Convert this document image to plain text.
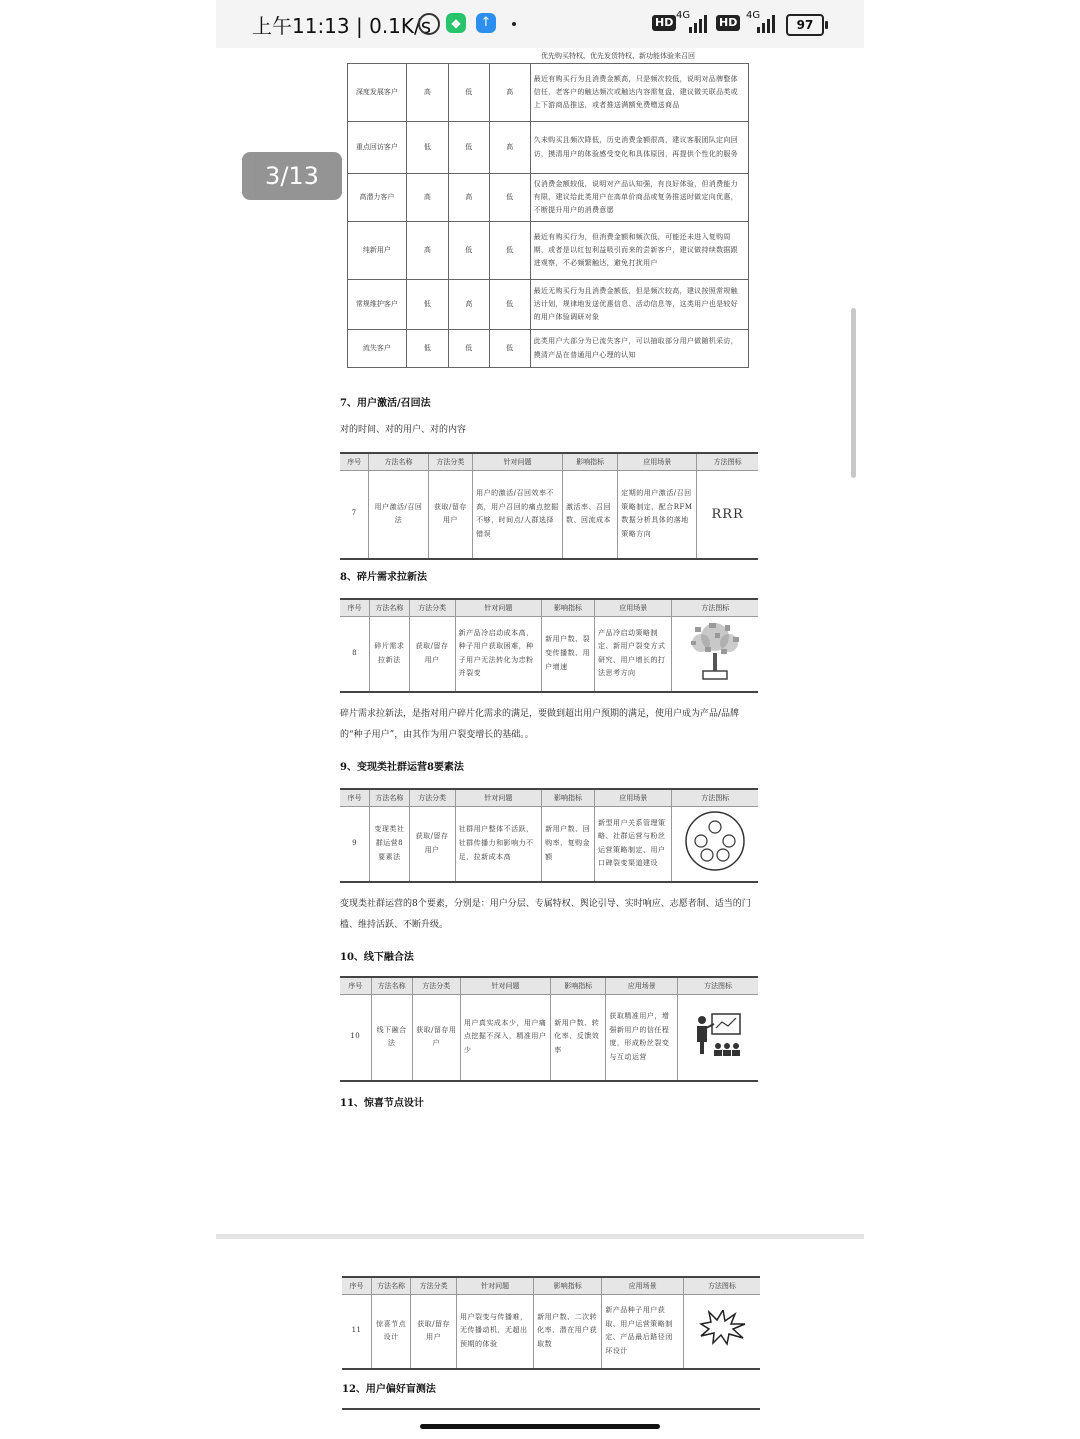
上午11:13 | 0.1K/s	◆	↑	HD
4G
HD
4G
97
优先购买特权、优先发货特权、新功能体验来召回
深度发展客户	高	低	高	最近有购买行为且消费金额高，只是频次较低，说明对品牌整体信任，老客户的触达频次或触达内容需复盘，建议微关联品类或上下游商品推送，或者推送满额免费赠送商品
重点回访客户	低	低	高	久未购买且频次降低，历史消费金额很高，建议客服团队定向回访，摸清用户的体验感受变化和具体原因，再提供个性化的服务
高潜力客户	高	高	低	仅消费金额较低，说明对产品认知强，有良好体验，但消费能力有限，建议给此类用户在高单价商品或复务推送时做定向优惠，不断提升用户的消费意愿
纯新用户	高	低	低	最近有购买行为，但消费金额和频次低，可能还未进入复购周期，或者是以红包利益吸引而来的尝新客户，建议做持续数据跟进观察，不必频繁触达，避免打扰用户
常规维护客户	低	高	低	最近无购买行为且消费金额低，但是频次较高，建议按照常规触达计划，规律地发送优惠信息、活动信息等，这类用户也是较好的用户体验调研对象
流失客户	低	低	低	此类用户大部分为已流失客户，可以抽取部分用户做随机采访，摸清产品在普通用户心理的认知
7、用户激活/召回法
对的时间、对的用户、对的内容
序号	方法名称	方法分类	针对问题	影响指标	应用场景	方法图标
7	用户激活/召回法	获取/留存用户	用户的激活/召回效率不高，用户召回的痛点挖掘不够，时间点/人群选择错误	激活率、召回数、回流成本	定期的用户激活/召回策略制定，配合RFM数据分析具体的落地策略方向	RRR
8、碎片需求拉新法
序号	方法名称	方法分类	针对问题	影响指标	应用场景	方法图标
8	碎片需求拉新法	获取/留存用户	新产品冷启动成本高，种子用户获取困难，种子用户无法转化为忠粉并裂变	新用户数、裂变传播数、用户增速	产品冷启动策略制定、新用户裂变方式研究、用户增长的打法思考方向	
碎片需求拉新法，是指对用户碎片化需求的满足，要做到超出用户预期的满足，使用户成为产品/品牌的“种子用户”，由其作为用户裂变增长的基础。。
9、变现类社群运营8要素法
序号	方法名称	方法分类	针对问题	影响指标	应用场景	方法图标
9	变现类社群运营8要素法	获取/留存用户	社群用户整体不活跃，社群传播力和影响力不足，拉新成本高	新用户数、回购率、复购金额	新型用户关系管理策略、社群运营与粉丝运营策略制定、用户口碑裂变渠道建设	
变现类社群运营的8个要素，分别是：用户分层、专属特权、舆论引导、实时响应、志愿者制、适当的门槛、维持活跃、不断升级。
10、线下融合法
序号	方法名称	方法分类	针对问题	影响指标	应用场景	方法图标
10	线下融合法	获取/留存用户	用户真实成本少，用户痛点挖掘不深入，精准用户少	新用户数、转化率、反馈效率	获取精准用户，增强新用户的信任程度，形成粉丝裂变与互动运营	
11、惊喜节点设计
序号	方法名称	方法分类	针对问题	影响指标	应用场景	方法图标
11	惊喜节点设计	获取/留存用户	用户裂变与传播难，无传播动机，无超出预期的体验	新用户数、二次转化率、潜在用户获取数	新产品种子用户获取、用户运营策略制定、产品最后路径闭环设计	
12、用户偏好盲测法
3/13
